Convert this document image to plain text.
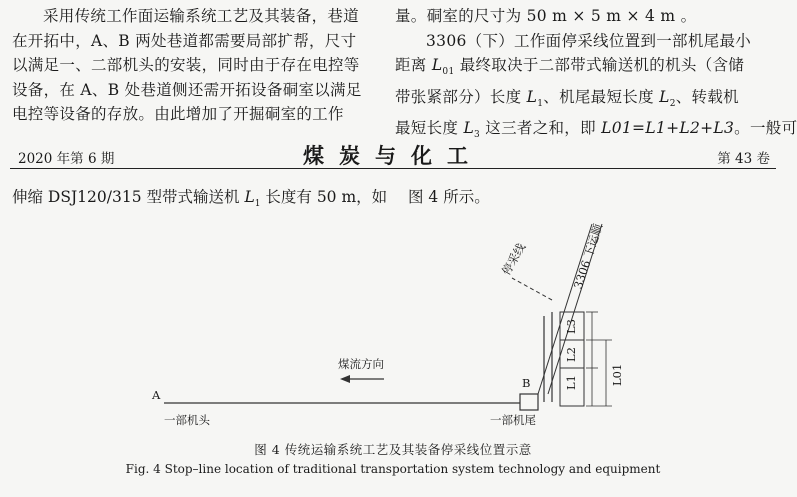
采用传统工作面运输系统工艺及其装备，巷道
在开拓中，A、B 两处巷道都需要局部扩帮，尺寸
以满足一、二部机头的安装，同时由于存在电控等
设备，在 A、B 处巷道侧还需开拓设备硐室以满足
电控等设备的存放。由此增加了开掘硐室的工作
量。硐室的尺寸为 50 m × 5 m × 4 m 。
3306（下）工作面停采线位置到一部机尾最小
距离 $L_{01}$ 最终取决于二部带式输送机的机头（含储
带张紧部分）长度 $L_1$、机尾最短长度 $L_2$、转载机
最短长度 $L_3$ 这三者之和，即 L01=L1+L2+L3。一般可
2020 年第 6 期	煤炭与化工	第 43 卷
伸缩 DSJ120/315 型带式输送机 $L_1$ 长度有 50 m，如 图 4 所示。
A
B
一部机头	一部机尾
煤流方向
停采线	3306 下运顺
L1
L2
L3
L01
图 4 传统运输系统工艺及其装备停采线位置示意
Fig. 4 Stop–line location of traditional transportation system technology and equipment
